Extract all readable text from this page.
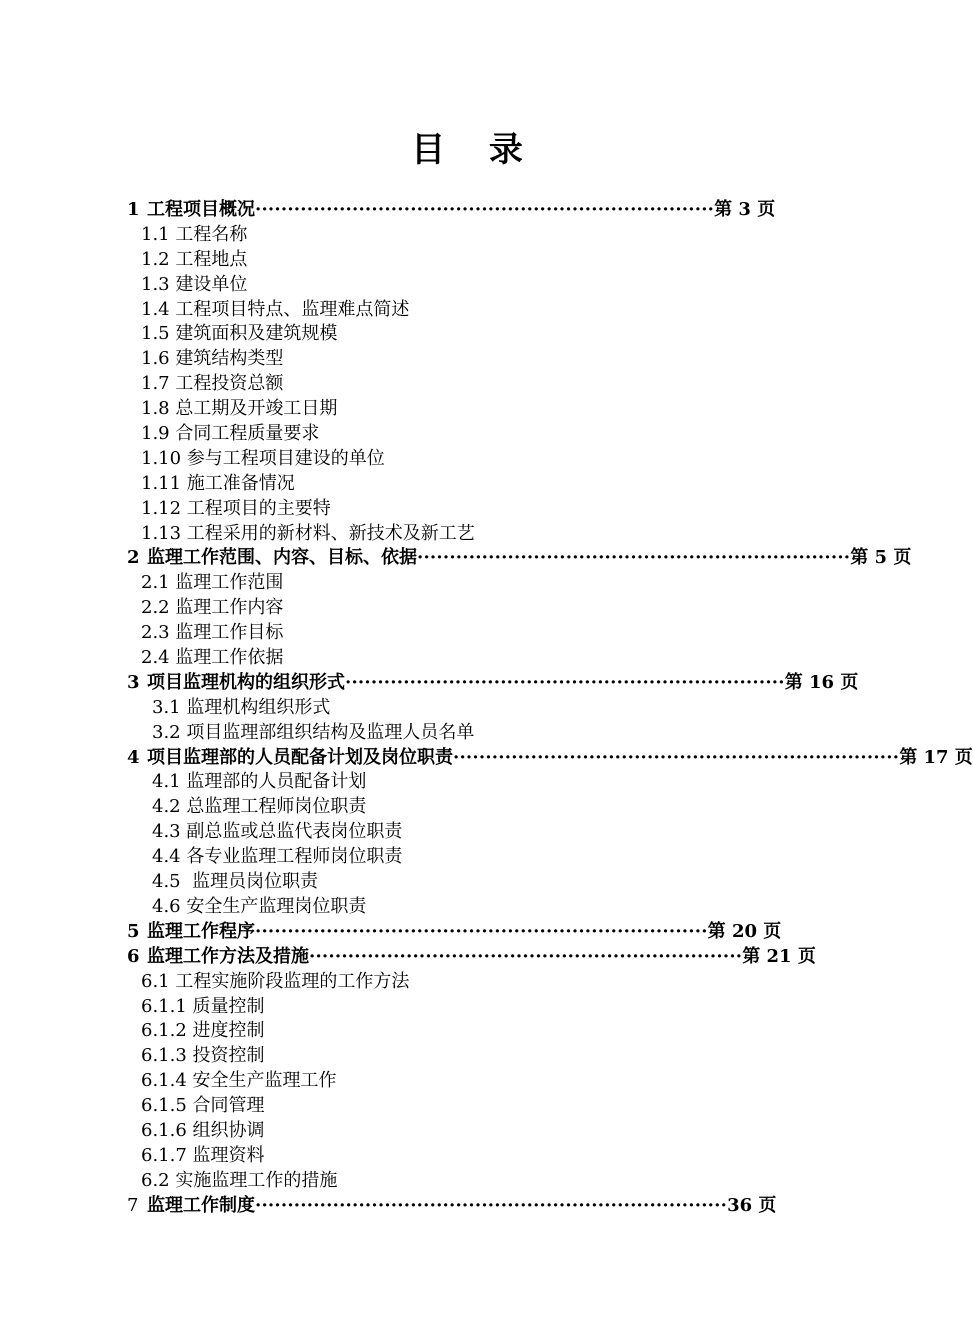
目 录
1 工程项目概况·······································································第 3 页
1.1 工程名称
1.2 工程地点
1.3 建设单位
1.4 工程项目特点、监理难点简述
1.5 建筑面积及建筑规模
1.6 建筑结构类型
1.7 工程投资总额
1.8 总工期及开竣工日期
1.9 合同工程质量要求
1.10 参与工程项目建设的单位
1.11 施工准备情况
1.12 工程项目的主要特
1.13 工程采用的新材料、新技术及新工艺
2 监理工作范围、内容、目标、依据···································································第 5 页
2.1 监理工作范围
2.2 监理工作内容
2.3 监理工作目标
2.4 监理工作依据
3 项目监理机构的组织形式····································································第 16 页
3.1 监理机构组织形式
3.2 项目监理部组织结构及监理人员名单
4 项目监理部的人员配备计划及岗位职责·····································································第 17 页
4.1 监理部的人员配备计划
4.2 总监理工程师岗位职责
4.3 副总监或总监代表岗位职责
4.4 各专业监理工程师岗位职责
4.5  监理员岗位职责
4.6 安全生产监理岗位职责
5 监理工作程序······································································第 20 页
6 监理工作方法及措施···································································第 21 页
6.1 工程实施阶段监理的工作方法
6.1.1 质量控制
6.1.2 进度控制
6.1.3 投资控制
6.1.4 安全生产监理工作
6.1.5 合同管理
6.1.6 组织协调
6.1.7 监理资料
6.2 实施监理工作的措施
7 监理工作制度·········································································36 页
